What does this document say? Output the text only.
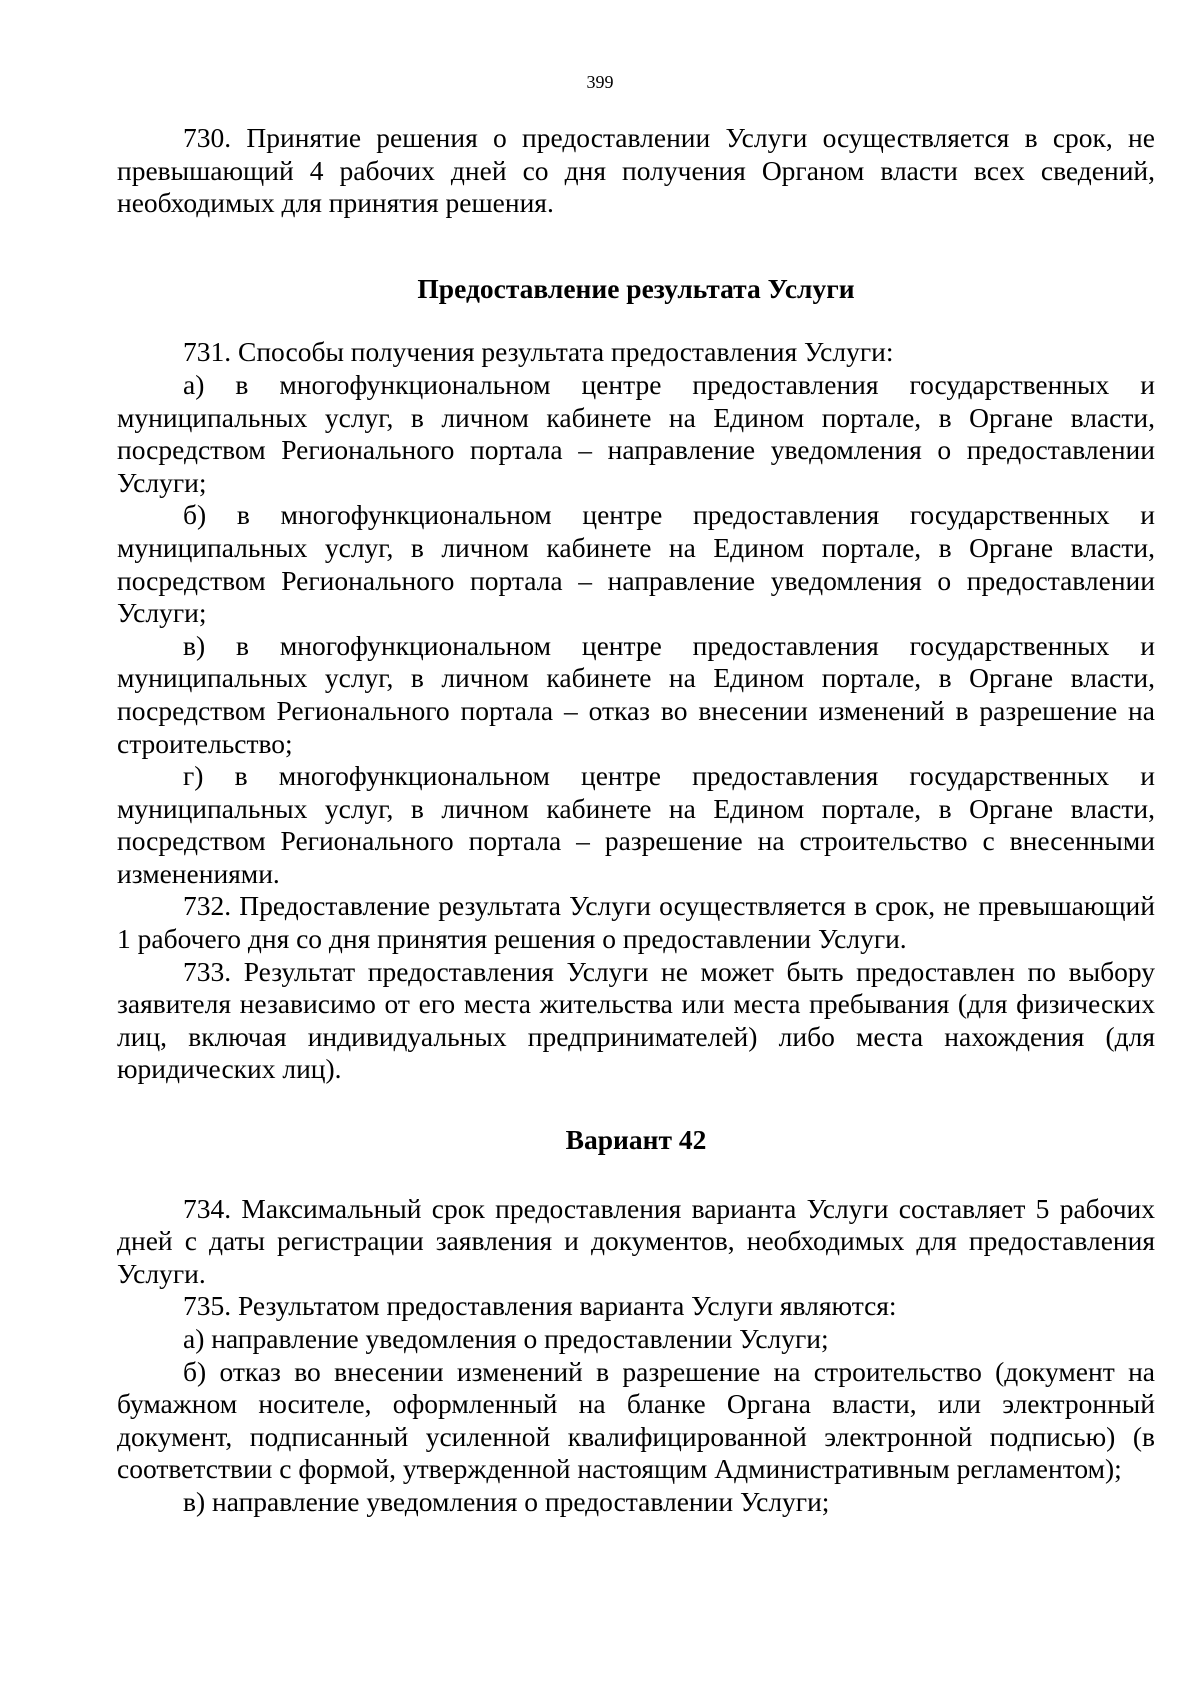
399

730. Принятие решения о предоставлении Услуги осуществляется в срок, не превышающий 4 рабочих дней со дня получения Органом власти всех сведений, необходимых для принятия решения.

Предоставление результата Услуги

731. Способы получения результата предоставления Услуги:

а) в многофункциональном центре предоставления государственных и муниципальных услуг, в личном кабинете на Едином портале, в Органе власти, посредством Регионального портала – направление уведомления о предоставлении Услуги;

б) в многофункциональном центре предоставления государственных и муниципальных услуг, в личном кабинете на Едином портале, в Органе власти, посредством Регионального портала – направление уведомления о предоставлении Услуги;

в) в многофункциональном центре предоставления государственных и муниципальных услуг, в личном кабинете на Едином портале, в Органе власти, посредством Регионального портала – отказ во внесении изменений в разрешение на строительство;

г) в многофункциональном центре предоставления государственных и муниципальных услуг, в личном кабинете на Едином портале, в Органе власти, посредством Регионального портала – разрешение на строительство с внесенными изменениями.

732. Предоставление результата Услуги осуществляется в срок, не превышающий 1 рабочего дня со дня принятия решения о предоставлении Услуги.

733. Результат предоставления Услуги не может быть предоставлен по выбору заявителя независимо от его места жительства или места пребывания (для физических лиц, включая индивидуальных предпринимателей) либо места нахождения (для юридических лиц).

Вариант 42

734. Максимальный срок предоставления варианта Услуги составляет 5 рабочих дней с даты регистрации заявления и документов, необходимых для предоставления Услуги.

735. Результатом предоставления варианта Услуги являются:

а) направление уведомления о предоставлении Услуги;

б) отказ во внесении изменений в разрешение на строительство (документ на бумажном носителе, оформленный на бланке Органа власти, или электронный документ, подписанный усиленной квалифицированной электронной подписью) (в соответствии с формой, утвержденной настоящим Административным регламентом);

в) направление уведомления о предоставлении Услуги;
